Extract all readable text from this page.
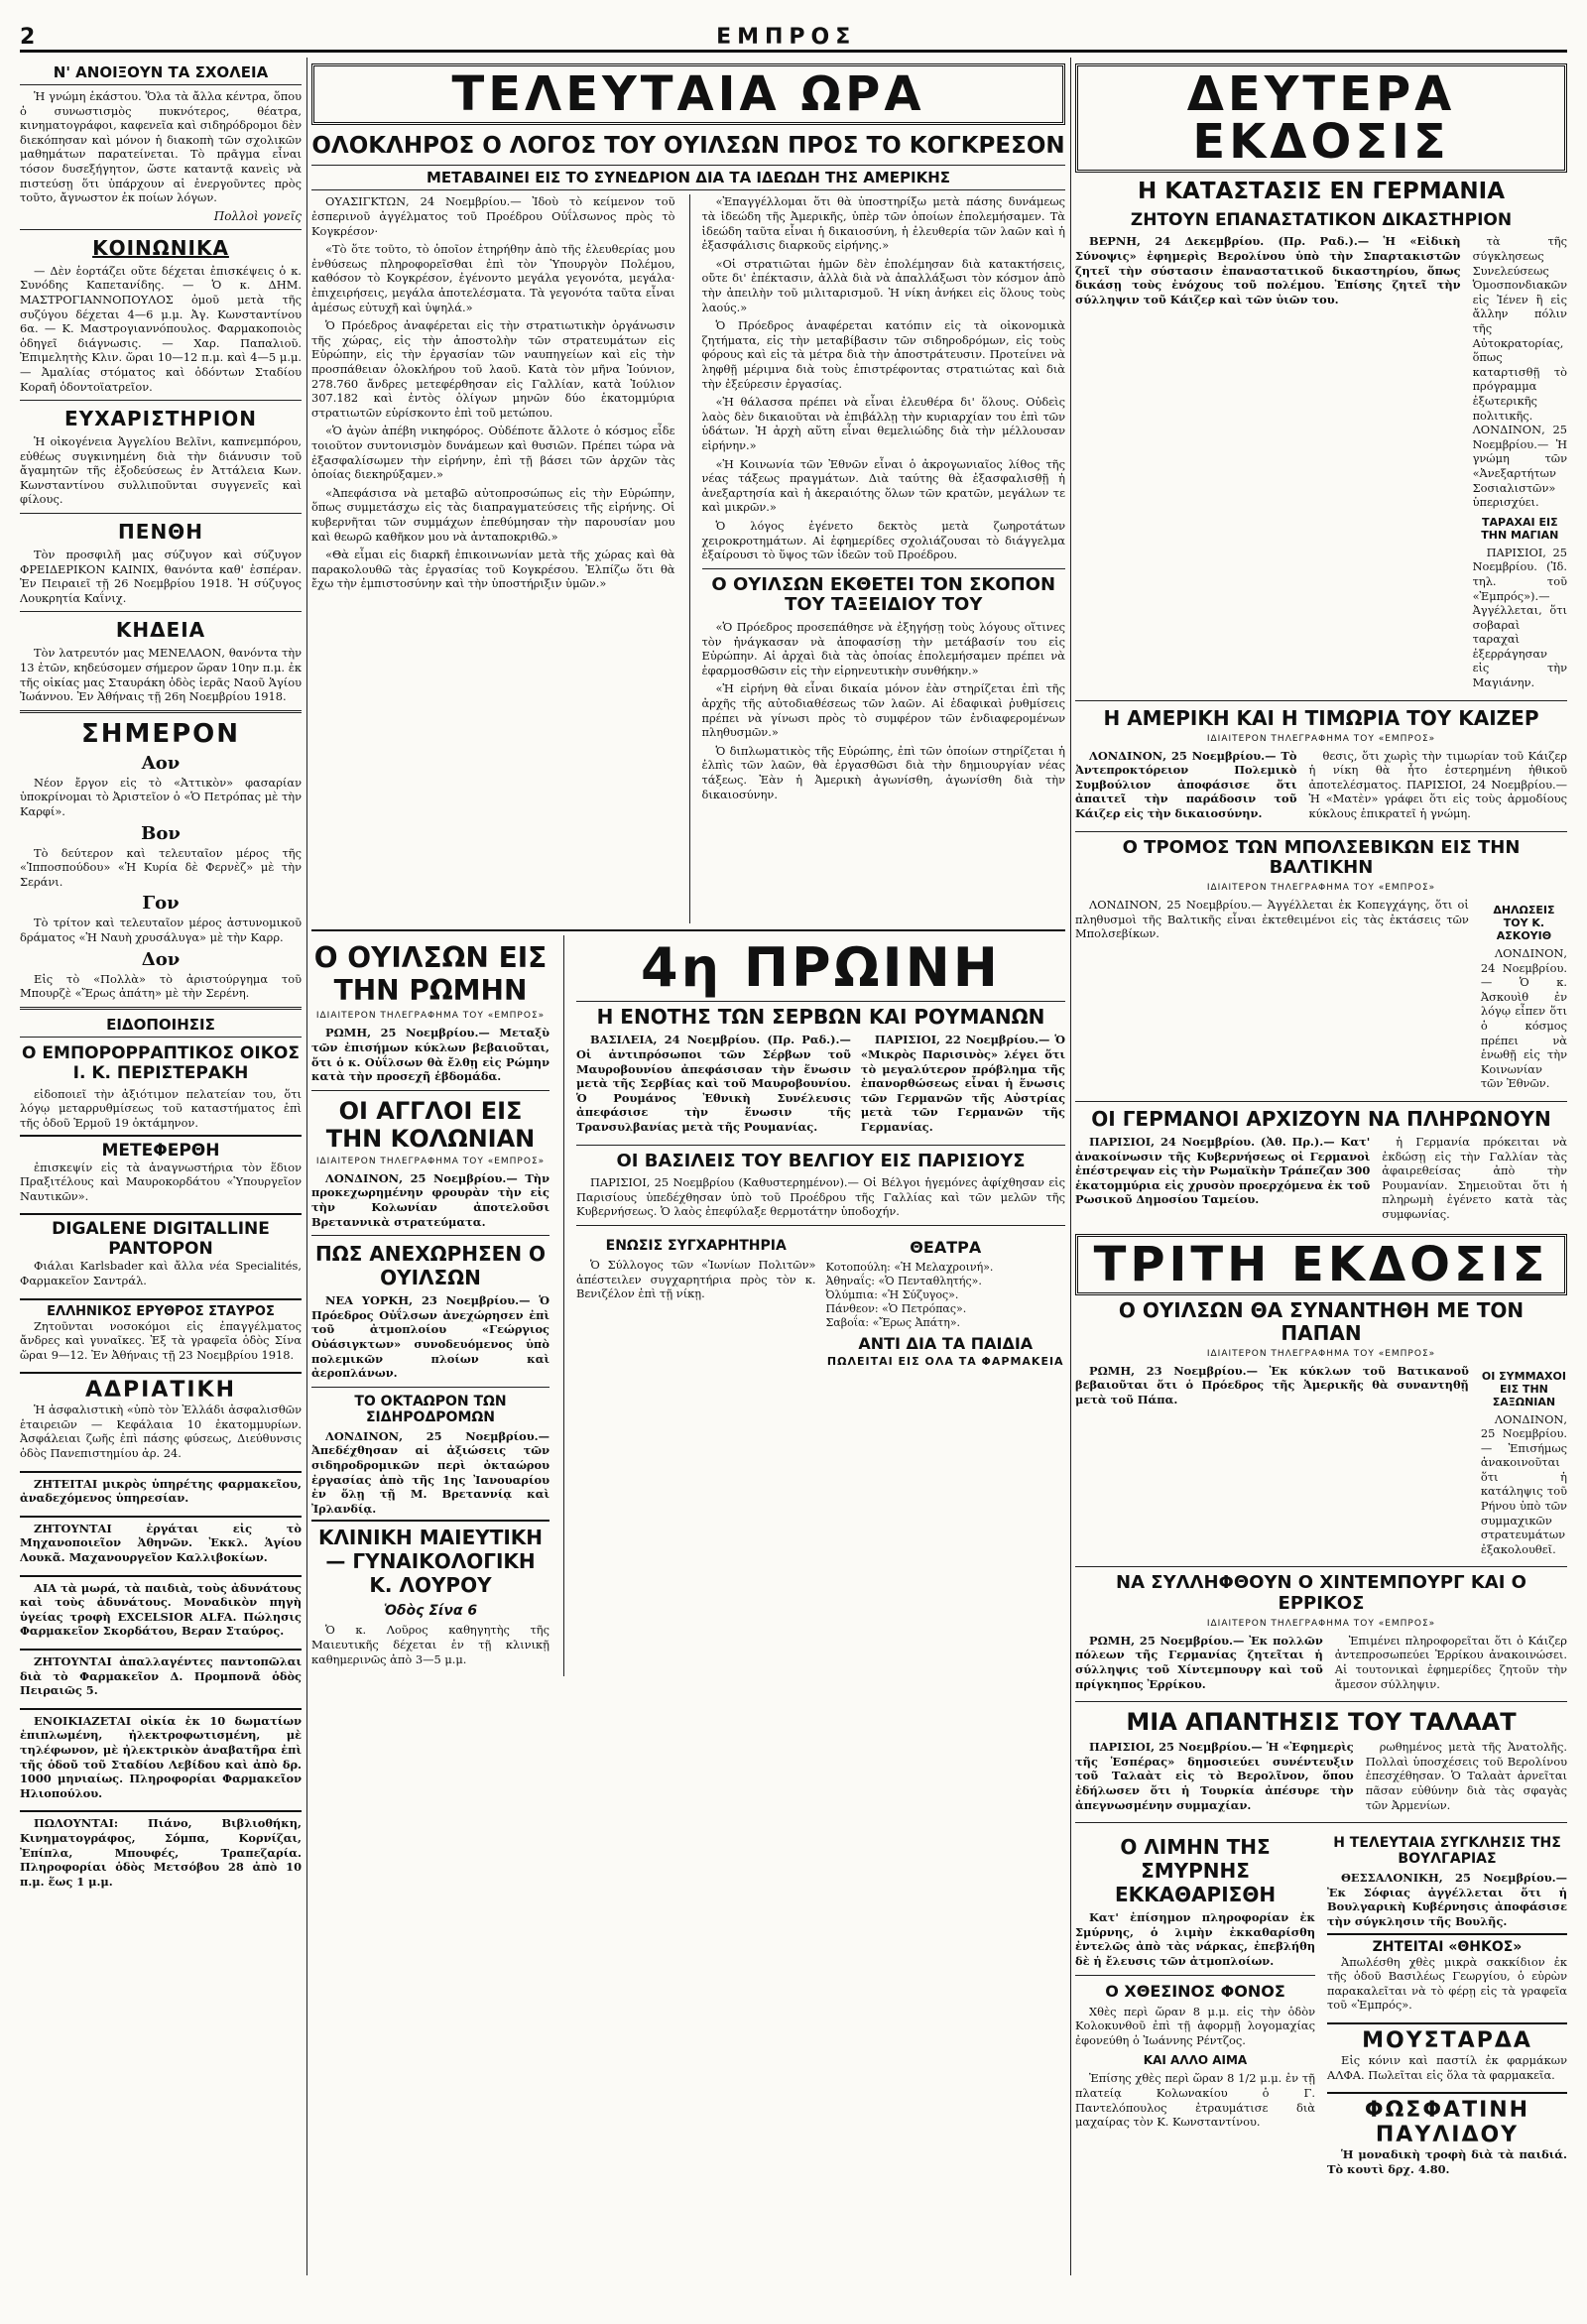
2	ΕΜΠΡΟΣ
Ν' ΑΝΟΙΞΟΥΝ ΤΑ ΣΧΟΛΕΙΑ

Ἡ γνώμη ἑκάστου. Ὅλα τὰ ἄλλα κέντρα, ὅπου ὁ συνωστισμὸς πυκνότερος, θέατρα, κινηματογράφοι, καφενεῖα καὶ σιδηρόδρομοι δὲν διεκόπησαν καὶ μόνον ἡ διακοπὴ τῶν σχολικῶν μαθημάτων παρατείνεται. Τὸ πρᾶγμα εἶναι τόσον δυσεξήγητον, ὥστε καταντᾷ κανεὶς νὰ πιστεύσῃ ὅτι ὑπάρχουν αἱ ἐνεργοῦντες πρὸς τοῦτο, ἄγνωστον ἐκ ποίων λόγων.

Πολλοὶ γονεῖς

ΚΟΙΝΩΝΙΚΑ

— Δὲν ἑορτάζει οὔτε δέχεται ἐπισκέψεις ὁ κ. Συνόδης Καπετανίδης. — Ὁ κ. ΔΗΜ. ΜΑΣΤΡΟΓΙΑΝΝΟΠΟΥΛΟΣ ὁμοῦ μετὰ τῆς συζύγου δέχεται 4—6 μ.μ. Ἀγ. Κωνσταντίνου 6α. — Κ. Μαστρογιαννόπουλος. Φαρμακοποιὸς ὁδηγεῖ διάγνωσις. — Χαρ. Παπαλιοῦ. Ἐπιμελητὴς Κλιν. ὥραι 10—12 π.μ. καὶ 4—5 μ.μ. — Ἀμαλίας στόματος καὶ ὀδόντων Σταδίου Κοραῆ ὁδοντοϊατρεῖον.

ΕΥΧΑΡΙΣΤΗΡΙΟΝ

Ἡ οἰκογένεια Ἀγγελίου Βελῖνι, καπνεμπόρου, εὐθέως συγκινημένη διὰ τὴν διάνυσιν τοῦ ἄγαμητῶν τῆς ἐξοδεύσεως ἐν Ἀττάλεια Κων. Κωνσταντίνου συλλιποῦνται συγγενεῖς καὶ φίλους.

ΠΕΝΘΗ

Τὸν προσφιλῆ μας σύζυγον καὶ σύζυγον ΦΡΕΙΔΕΡΙΚΟΝ ΚΑΙΝΙΧ, θανόντα καθ' ἐσπέραν. Ἐν Πειραιεῖ τῇ 26 Νοεμβρίου 1918. Ἡ σύζυγος Λουκρητία Καΐνιχ.

ΚΗΔΕΙΑ

Τὸν λατρευτόν μας ΜΕΝΕΛΑΟΝ, θανόντα τὴν 13 ἐτῶν, κηδεύσομεν σήμερον ὥραν 10ην π.μ. ἐκ τῆς οἰκίας μας Σταυράκη ὁδὸς ἱερᾶς Ναοῦ Ἁγίου Ἰωάννου. Ἐν Ἀθήναις τῇ 26η Νοεμβρίου 1918.

ΣΗΜΕΡΟΝ
Αον

Νέον ἔργον εἰς τὸ «Ἀττικὸν» φασαρίαν ὑποκρίνομαι τὸ Ἀριστεῖον ὁ «Ὁ Πετρόπας μὲ τὴν Καρφί».

Βον

Τὸ δεύτερον καὶ τελευταῖον μέρος τῆς «Ἱπποσπούδου» «Ἡ Κυρία δὲ Φερνὲζ» μὲ τὴν Σεράνι.

Γον

Τὸ τρίτον καὶ τελευταῖον μέρος ἀστυνομικοῦ δράματος «Ἡ Ναυὴ χρυσάλυγα» μὲ τὴν Καρρ.

Δον

Εἰς τὸ «Πολλὰ» τὸ ἀριστούργημα τοῦ Μπουρζὲ «Ἔρως ἀπάτη» μὲ τὴν Σερένη.

ΕΙΔΟΠΟΙΗΣΙΣ
Ο ΕΜΠΟΡΟΡΡΑΠΤΙΚΟΣ ΟΙΚΟΣ Ι. Κ. ΠΕΡΙΣΤΕΡΑΚΗ

εἰδοποιεῖ τὴν ἀξιότιμον πελατείαν του, ὅτι λόγῳ μεταρρυθμίσεως τοῦ καταστήματος ἐπὶ τῆς ὁδοῦ Ἑρμοῦ 19 ὀκτάμηνον.

ΜΕΤΕΦΕΡΘΗ

ἐπισκεψίν εἰς τὰ ἀναγνωστήρια τὸν ἕδιον Πραξιτέλους καὶ Μαυροκορδάτου «Ὑπουργεῖον Ναυτικῶν».

DIGALENE DIGITALLINE PANTOPON

Φιάλαι Karlsbader καὶ ἄλλα νέα Specialités, Φαρμακεῖον Σαντράλ.

ΕΛΛΗΝΙΚΟΣ ΕΡΥΘΡΟΣ ΣΤΑΥΡΟΣ

Ζητοῦνται νοσοκόμοι εἰς ἐπαγγέλματος ἄνδρες καὶ γυναῖκες. Ἐξ τὰ γραφεῖα ὁδὸς Σίνα ὥραι 9—12. Ἐν Ἀθήναις τῇ 23 Νοεμβρίου 1918.

ΑΔΡΙΑΤΙΚΗ

Ἡ ἀσφαλιστικὴ «ὑπὸ τὸν Ἐλλάδι ἀσφαλισθῶν ἑταιρειῶν — Κεφάλαια 10 ἑκατομμυρίων. Ἀσφάλειαι ζωῆς ἐπὶ πάσης φύσεως, Διεύθυνσις ὁδὸς Πανεπιστημίου ἀρ. 24.

ΖΗΤΕΙΤΑΙ μικρὸς ὑπηρέτης φαρμακεῖου, ἀναδεχόμενος ὑπηρεσίαν.

ΖΗΤΟΥΝΤΑΙ ἐργάται εἰς τὸ Μηχανοποιεῖον Ἀθηνῶν. Ἐκκλ. Ἁγίου Λουκᾶ. Μαχανουργεῖον Καλλιβοκίων.

ΑΙΑ τὰ μωρά, τὰ παιδιὰ, τοὺς ἀδυνάτους καὶ τοὺς ἀδυνάτους. Μοναδικὸν πηγὴ ὑγείας τροφὴ EXCELSIOR ALFA. Πώλησις Φαρμακεῖον Σκορδάτου, Βεραν Σταύρος.

ΖΗΤΟΥΝΤΑΙ ἀπαλλαγέντες παντοπῶλαι διὰ τὸ Φαρμακεῖον Δ. Προμπονᾶ ὁδὸς Πειραιῶς 5.

ΕΝΟΙΚΙΑΖΕΤΑΙ οἰκία ἐκ 10 δωματίων ἐπιπλωμένη, ἠλεκτροφωτισμένη, μὲ τηλέφωνον, μὲ ἠλεκτρικὸν ἀναβατῆρα ἐπὶ τῆς ὁδοῦ τοῦ Σταδίου Λεβίδου καὶ ἀπὸ δρ. 1000 μηνιαίως. Πληροφορίαι Φαρμακεῖον Ηλιοπούλου.

ΠΩΛΟΥΝΤΑΙ: Πιάνο, Βιβλιοθήκη, Κινηματογράφος, Σόμπα, Κορνίζαι, Ἐπίπλα, Μπουφές, Τραπεζαρία. Πληροφορίαι ὁδὸς Μετσόβου 28 ἀπὸ 10 π.μ. ἕως 1 μ.μ.

ΤΕΛΕΥΤΑΙΑ ΩΡΑ
ΟΛΟΚΛΗΡΟΣ Ο ΛΟΓΟΣ ΤΟΥ ΟΥΙΛΣΩΝ ΠΡΟΣ ΤΟ ΚΟΓΚΡΕΣΟΝ
ΜΕΤΑΒΑΙΝΕΙ ΕΙΣ ΤΟ ΣΥΝΕΔΡΙΟΝ ΔΙΑ ΤΑ ΙΔΕΩΔΗ ΤΗΣ ΑΜΕΡΙΚΗΣ

ΟΥΑΣΙΓΚΤΩΝ, 24 Νοεμβρίου.— Ἰδοὺ τὸ κείμενον τοῦ ἐσπερινοῦ ἀγγέλματος τοῦ Προέδρου Οὐΐλσωνος πρὸς τὸ Κογκρέσον·

«Τὸ ὅτε τοῦτο, τὸ ὁποῖον ἐτηρήθην ἀπὸ τῆς ἐλευθερίας μου ἐνθύσεως πληροφορεῖσθαι ἐπὶ τὸν Ὑπουργὸν Πολέμου, καθόσον τὸ Κογκρέσον, ἐγένοντο μεγάλα γεγονότα, μεγάλα· ἐπιχειρήσεις, μεγάλα ἀποτελέσματα. Τὰ γεγονότα ταῦτα εἶναι ἀμέσως εὐτυχῆ καὶ ὑψηλά.»

Ὁ Πρόεδρος ἀναφέρεται εἰς τὴν στρατιωτικὴν ὀργάνωσιν τῆς χώρας, εἰς τὴν ἀποστολὴν τῶν στρατευμάτων εἰς Εὐρώπην, εἰς τὴν ἐργασίαν τῶν ναυπηγείων καὶ εἰς τὴν προσπάθειαν ὁλοκλήρου τοῦ λαοῦ. Κατὰ τὸν μῆνα Ἰούνιον, 278.760 ἄνδρες μετεφέρθησαν εἰς Γαλλίαν, κατὰ Ἰούλιον 307.182 καὶ ἐντὸς ὀλίγων μηνῶν δύο ἑκατομμύρια στρατιωτῶν εὑρίσκοντο ἐπὶ τοῦ μετώπου.

«Ὁ ἀγὼν ἀπέβη νικηφόρος. Οὐδέποτε ἄλλοτε ὁ κόσμος εἶδε τοιοῦτον συντονισμὸν δυνάμεων καὶ θυσιῶν. Πρέπει τώρα νὰ ἐξασφαλίσωμεν τὴν εἰρήνην, ἐπὶ τῇ βάσει τῶν ἀρχῶν τὰς ὁποίας διεκηρύξαμεν.»

«Ἀπεφάσισα νὰ μεταβῶ αὐτοπροσώπως εἰς τὴν Εὐρώπην, ὅπως συμμετάσχω εἰς τὰς διαπραγματεύσεις τῆς εἰρήνης. Οἱ κυβερνῆται τῶν συμμάχων ἐπεθύμησαν τὴν παρουσίαν μου καὶ θεωρῶ καθῆκον μου νὰ ἀνταποκριθῶ.»

«Θὰ εἶμαι εἰς διαρκῆ ἐπικοινωνίαν μετὰ τῆς χώρας καὶ θὰ παρακολουθῶ τὰς ἐργασίας τοῦ Κογκρέσου. Ἐλπίζω ὅτι θὰ ἔχω τὴν ἐμπιστοσύνην καὶ τὴν ὑποστήριξιν ὑμῶν.»

«Ἐπαγγέλλομαι ὅτι θὰ ὑποστηρίξω μετὰ πάσης δυνάμεως τὰ ἰδεώδη τῆς Ἀμερικῆς, ὑπὲρ τῶν ὁποίων ἐπολεμήσαμεν. Τὰ ἰδεώδη ταῦτα εἶναι ἡ δικαιοσύνη, ἡ ἐλευθερία τῶν λαῶν καὶ ἡ ἐξασφάλισις διαρκοῦς εἰρήνης.»

«Οἱ στρατιῶται ἡμῶν δὲν ἐπολέμησαν διὰ κατακτήσεις, οὔτε δι' ἐπέκτασιν, ἀλλὰ διὰ νὰ ἀπαλλάξωσι τὸν κόσμον ἀπὸ τὴν ἀπειλὴν τοῦ μιλιταρισμοῦ. Ἡ νίκη ἀνήκει εἰς ὅλους τοὺς λαούς.»

Ὁ Πρόεδρος ἀναφέρεται κατόπιν εἰς τὰ οἰκονομικὰ ζητήματα, εἰς τὴν μεταβίβασιν τῶν σιδηροδρόμων, εἰς τοὺς φόρους καὶ εἰς τὰ μέτρα διὰ τὴν ἀποστράτευσιν. Προτείνει νὰ ληφθῇ μέριμνα διὰ τοὺς ἐπιστρέφοντας στρατιώτας καὶ διὰ τὴν ἐξεύρεσιν ἐργασίας.

«Ἡ θάλασσα πρέπει νὰ εἶναι ἐλευθέρα δι' ὅλους. Οὐδεὶς λαὸς δὲν δικαιοῦται νὰ ἐπιβάλλῃ τὴν κυριαρχίαν του ἐπὶ τῶν ὑδάτων. Ἡ ἀρχὴ αὕτη εἶναι θεμελιώδης διὰ τὴν μέλλουσαν εἰρήνην.»

«Ἡ Κοινωνία τῶν Ἐθνῶν εἶναι ὁ ἀκρογωνιαῖος λίθος τῆς νέας τάξεως πραγμάτων. Διὰ ταύτης θὰ ἐξασφαλισθῇ ἡ ἀνεξαρτησία καὶ ἡ ἀκεραιότης ὅλων τῶν κρατῶν, μεγάλων τε καὶ μικρῶν.»

Ὁ λόγος ἐγένετο δεκτὸς μετὰ ζωηροτάτων χειροκροτημάτων. Αἱ ἐφημερίδες σχολιάζουσαι τὸ διάγγελμα ἐξαίρουσι τὸ ὕψος τῶν ἰδεῶν τοῦ Προέδρου.

Ο ΟΥΙΛΣΩΝ ΕΚΘΕΤΕΙ ΤΟΝ ΣΚΟΠΟΝ ΤΟΥ ΤΑΞΕΙΔΙΟΥ ΤΟΥ

«Ὁ Πρόεδρος προσεπάθησε νὰ ἐξηγήσῃ τοὺς λόγους οἵτινες τὸν ἠνάγκασαν νὰ ἀποφασίσῃ τὴν μετάβασίν του εἰς Εὐρώπην. Αἱ ἀρχαὶ διὰ τὰς ὁποίας ἐπολεμήσαμεν πρέπει νὰ ἐφαρμοσθῶσιν εἰς τὴν εἰρηνευτικὴν συνθήκην.»

«Ἡ εἰρήνη θὰ εἶναι δικαία μόνον ἐὰν στηρίζεται ἐπὶ τῆς ἀρχῆς τῆς αὐτοδιαθέσεως τῶν λαῶν. Αἱ ἐδαφικαὶ ῥυθμίσεις πρέπει νὰ γίνωσι πρὸς τὸ συμφέρον τῶν ἐνδιαφερομένων πληθυσμῶν.»

Ὁ διπλωματικὸς τῆς Εὐρώπης, ἐπὶ τῶν ὁποίων στηρίζεται ἡ ἐλπὶς τῶν λαῶν, θὰ ἐργασθῶσι διὰ τὴν δημιουργίαν νέας τάξεως. Ἐὰν ἡ Ἀμερικὴ ἀγωνίσθη, ἀγωνίσθη διὰ τὴν δικαιοσύνην.

Ο ΟΥΙΛΣΩΝ ΕΙΣ ΤΗΝ ΡΩΜΗΝ
ΙΔΙΑΙΤΕΡΟΝ ΤΗΛΕΓΡΑΦΗΜΑ ΤΟΥ «ΕΜΠΡΟΣ»

ΡΩΜΗ, 25 Νοεμβρίου.— Μεταξὺ τῶν ἐπισήμων κύκλων βεβαιοῦται, ὅτι ὁ κ. Οὐΐλσων θὰ ἔλθῃ εἰς Ρώμην κατὰ τὴν προσεχῆ ἑβδομάδα.

ΟΙ ΑΓΓΛΟΙ ΕΙΣ ΤΗΝ ΚΟΛΩΝΙΑΝ
ΙΔΙΑΙΤΕΡΟΝ ΤΗΛΕΓΡΑΦΗΜΑ ΤΟΥ «ΕΜΠΡΟΣ»

ΛΟΝΔΙΝΟΝ, 25 Νοεμβρίου.— Τὴν προκεχωρημένην φρουρὰν τὴν εἰς τὴν Κολωνίαν ἀποτελοῦσι Βρεταννικὰ στρατεύματα.

ΠΩΣ ΑΝΕΧΩΡΗΣΕΝ Ο ΟΥΙΛΣΩΝ

ΝΕΑ ΥΟΡΚΗ, 23 Νοεμβρίου.— Ὁ Πρόεδρος Οὐΐλσων ἀνεχώρησεν ἐπὶ τοῦ ἀτμοπλοίου «Γεώργιος Οὐάσιγκτων» συνοδευόμενος ὑπὸ πολεμικῶν πλοίων καὶ ἀεροπλάνων.

ΤΟ ΟΚΤΑΩΡΟΝ ΤΩΝ ΣΙΔΗΡΟΔΡΟΜΩΝ

ΛΟΝΔΙΝΟΝ, 25 Νοεμβρίου.— Ἀπεδέχθησαν αἱ ἀξιώσεις τῶν σιδηροδρομικῶν περὶ ὀκταώρου ἐργασίας ἀπὸ τῆς 1ης Ἰανουαρίου ἐν ὅλῃ τῇ Μ. Βρεταννίᾳ καὶ Ἰρλανδίᾳ.

ΚΛΙΝΙΚΗ ΜΑΙΕΥΤΙΚΗ — ΓΥΝΑΙΚΟΛΟΓΙΚΗ Κ. ΛΟΥΡΟΥ
Ὁδὸς Σίνα 6

Ὁ κ. Λοῦρος καθηγητὴς τῆς Μαιευτικῆς δέχεται ἐν τῇ κλινικῇ καθημερινῶς ἀπὸ 3—5 μ.μ.

4η ΠΡΩΙΝΗ
Η ΕΝΟΤΗΣ ΤΩΝ ΣΕΡΒΩΝ ΚΑΙ ΡΟΥΜΑΝΩΝ

ΒΑΣΙΛΕΙΑ, 24 Νοεμβρίου. (Πρ. Ραδ.).— Οἱ ἀντιπρόσωποι τῶν Σέρβων τοῦ Μαυροβουνίου ἀπεφάσισαν τὴν ἕνωσιν μετὰ τῆς Σερβίας καὶ τοῦ Μαυροβουνίου. Ὁ Ρουμάνος Ἐθνικὴ Συνέλευσις ἀπεφάσισε τὴν ἕνωσιν τῆς Τρανσυλβανίας μετὰ τῆς Ρουμανίας.

ΠΑΡΙΣΙΟΙ, 22 Νοεμβρίου.— Ὁ «Μικρὸς Παρισινὸς» λέγει ὅτι τὸ μεγαλύτερον πρόβλημα τῆς ἐπανορθώσεως εἶναι ἡ ἕνωσις τῶν Γερμανῶν τῆς Αὐστρίας μετὰ τῶν Γερμανῶν τῆς Γερμανίας.

ΟΙ ΒΑΣΙΛΕΙΣ ΤΟΥ ΒΕΛΓΙΟΥ ΕΙΣ ΠΑΡΙΣΙΟΥΣ

ΠΑΡΙΣΙΟΙ, 25 Νοεμβρίου (Καθυστερημένον).— Οἱ Βέλγοι ἡγεμόνες ἀφίχθησαν εἰς Παρισίους ὑπεδέχθησαν ὑπὸ τοῦ Προέδρου τῆς Γαλλίας καὶ τῶν μελῶν τῆς Κυβερνήσεως. Ὁ λαὸς ἐπεφύλαξε θερμοτάτην ὑποδοχήν.

ΕΝΩΣΙΣ ΣΥΓΧΑΡΗΤΗΡΙΑ

Ὁ Σύλλογος τῶν «Ἰωνίων Πολιτῶν» ἀπέστειλεν συγχαρητήρια πρὸς τὸν κ. Βενιζέλον ἐπὶ τῇ νίκῃ.

ΘΕΑΤΡΑ
Κοτοπούλη: «Ἡ Μελαχροινή».
Ἀθηναΐς: «Ὁ Πενταθλητής».
Ὀλύμπια: «Ἡ Σύζυγος».
Πάνθεον: «Ὁ Πετρόπας».
Σαβοΐα: «Ἔρως Ἀπάτη».
ΑΝΤΙ ΔΙΑ ΤΑ ΠΑΙΔΙΑ
ΠΩΛΕΙΤΑΙ ΕΙΣ ΟΛΑ ΤΑ ΦΑΡΜΑΚΕΙΑ
ΔΕΥΤΕΡΑ ΕΚΔΟΣΙΣ
Η ΚΑΤΑΣΤΑΣΙΣ ΕΝ ΓΕΡΜΑΝΙΑ
ΖΗΤΟΥΝ ΕΠΑΝΑΣΤΑΤΙΚΟΝ ΔΙΚΑΣΤΗΡΙΟΝ

ΒΕΡΝΗ, 24 Δεκεμβρίου. (Πρ. Ραδ.).— Ἡ «Εἰδικὴ Σύνοψις» ἐφημερὶς Βερολίνου ὑπὸ τὴν Σπαρτακιστῶν ζητεῖ τὴν σύστασιν ἐπαναστατικοῦ δικαστηρίου, ὅπως δικάσῃ τοὺς ἐνόχους τοῦ πολέμου. Ἐπίσης ζητεῖ τὴν σύλληψιν τοῦ Κάιζερ καὶ τῶν ὑιῶν του.

τὰ τῆς σύγκλησεως Συνελεύσεως Ὁμοσπονδιακῶν εἰς Ἰένεν ἢ εἰς ἄλλην πόλιν τῆς Αὐτοκρατορίας, ὅπως καταρτισθῇ τὸ πρόγραμμα ἐξωτερικῆς πολιτικῆς. ΛΟΝΔΙΝΟΝ, 25 Νοεμβρίου.— Ἡ γνώμη τῶν «Ἀνεξαρτήτων Σοσιαλιστῶν» ὑπερισχύει.

ΤΑΡΑΧΑΙ ΕΙΣ ΤΗΝ ΜΑΓΙΑΝ

ΠΑΡΙΣΙΟΙ, 25 Νοεμβρίου. (Ἰδ. τηλ. τοῦ «Ἐμπρός»).— Ἀγγέλλεται, ὅτι σοβαραὶ ταραχαὶ ἐξερράγησαν εἰς τὴν Μαγιάνην.

Η ΑΜΕΡΙΚΗ ΚΑΙ Η ΤΙΜΩΡΙΑ ΤΟΥ ΚΑΙΖΕΡ
ΙΔΙΑΙΤΕΡΟΝ ΤΗΛΕΓΡΑΦΗΜΑ ΤΟΥ «ΕΜΠΡΟΣ»

ΛΟΝΔΙΝΟΝ, 25 Νοεμβρίου.— Τὸ Ἀντεπροκτόρειον Πολεμικὸ Συμβούλιον ἀποφάσισε ὅτι ἀπαιτεῖ τὴν παράδοσιν τοῦ Κάιζερ εἰς τὴν δικαιοσύνην.

θεσις, ὅτι χωρὶς τὴν τιμωρίαν τοῦ Κάιζερ ἡ νίκη θὰ ἦτο ἐστερημένη ἠθικοῦ ἀποτελέσματος. ΠΑΡΙΣΙΟΙ, 24 Νοεμβρίου.— Ἡ «Ματὲν» γράφει ὅτι εἰς τοὺς ἀρμοδίους κύκλους ἐπικρατεῖ ἡ γνώμη.

Ο ΤΡΟΜΟΣ ΤΩΝ ΜΠΟΛΣΕΒΙΚΩΝ ΕΙΣ ΤΗΝ ΒΑΛΤΙΚΗΝ
ΙΔΙΑΙΤΕΡΟΝ ΤΗΛΕΓΡΑΦΗΜΑ ΤΟΥ «ΕΜΠΡΟΣ»

ΛΟΝΔΙΝΟΝ, 25 Νοεμβρίου.— Ἀγγέλλεται ἐκ Κοπεγχάγης, ὅτι οἱ πληθυσμοὶ τῆς Βαλτικῆς εἶναι ἐκτεθειμένοι εἰς τὰς ἐκτάσεις τῶν Μπολσεβίκων.

ΔΗΛΩΣΕΙΣ ΤΟΥ Κ. ΑΣΚΟΥΙΘ

ΛΟΝΔΙΝΟΝ, 24 Νοεμβρίου.— Ὁ κ. Ἀσκουὶθ ἐν λόγῳ εἶπεν ὅτι ὁ κόσμος πρέπει νὰ ἑνωθῇ εἰς τὴν Κοινωνίαν τῶν Ἐθνῶν.

ΟΙ ΓΕΡΜΑΝΟΙ ΑΡΧΙΖΟΥΝ ΝΑ ΠΛΗΡΩΝΟΥΝ

ΠΑΡΙΣΙΟΙ, 24 Νοεμβρίου. (Ἀθ. Πρ.).— Κατ' ἀνακοίνωσιν τῆς Κυβερνήσεως οἱ Γερμανοὶ ἐπέστρεψαν εἰς τὴν Ρωμαϊκὴν Τράπεζαν 300 ἑκατομμύρια εἰς χρυσὸν προερχόμενα ἐκ τοῦ Ρωσικοῦ Δημοσίου Ταμείου.

ἡ Γερμανία πρόκειται νὰ ἐκδώσῃ εἰς τὴν Γαλλίαν τὰς ἀφαιρεθείσας ἀπὸ τὴν Ρουμανίαν. Σημειοῦται ὅτι ἡ πληρωμὴ ἐγένετο κατὰ τὰς συμφωνίας.

ΤΡΙΤΗ ΕΚΔΟΣΙΣ
Ο ΟΥΙΛΣΩΝ ΘΑ ΣΥΝΑΝΤΗΘΗ ΜΕ ΤΟΝ ΠΑΠΑΝ
ΙΔΙΑΙΤΕΡΟΝ ΤΗΛΕΓΡΑΦΗΜΑ ΤΟΥ «ΕΜΠΡΟΣ»

ΡΩΜΗ, 23 Νοεμβρίου.— Ἐκ κύκλων τοῦ Βατικανοῦ βεβαιοῦται ὅτι ὁ Πρόεδρος τῆς Ἀμερικῆς θὰ συναντηθῇ μετὰ τοῦ Πάπα.

ΟΙ ΣΥΜΜΑΧΟΙ ΕΙΣ ΤΗΝ ΣΑΞΩΝΙΑΝ

ΛΟΝΔΙΝΟΝ, 25 Νοεμβρίου.— Ἐπισήμως ἀνακοινοῦται ὅτι ἡ κατάληψις τοῦ Ρήνου ὑπὸ τῶν συμμαχικῶν στρατευμάτων ἐξακολουθεῖ.

ΝΑ ΣΥΛΛΗΦΘΟΥΝ Ο ΧΙΝΤΕΜΠΟΥΡΓ ΚΑΙ Ο ΕΡΡΙΚΟΣ
ΙΔΙΑΙΤΕΡΟΝ ΤΗΛΕΓΡΑΦΗΜΑ ΤΟΥ «ΕΜΠΡΟΣ»

ΡΩΜΗ, 25 Νοεμβρίου.— Ἐκ πολλῶν πόλεων τῆς Γερμανίας ζητεῖται ἡ σύλληψις τοῦ Χίντεμπουργ καὶ τοῦ πρίγκηπος Ἐρρίκου.

Ἐπιμένει πληροφορεῖται ὅτι ὁ Κάιζερ ἀντεπροσωπεύει Ἐρρίκου ἀνακοινώσει. Αἱ τουτονικαὶ ἐφημερίδες ζητοῦν τὴν ἄμεσον σύλληψιν.

ΜΙΑ ΑΠΑΝΤΗΣΙΣ ΤΟΥ ΤΑΛΑΑΤ

ΠΑΡΙΣΙΟΙ, 25 Νοεμβρίου.— Ἡ «Ἐφημερὶς τῆς Ἑσπέρας» δημοσιεύει συνέντευξιν τοῦ Ταλαὰτ εἰς τὸ Βερολῖνον, ὅπου ἐδήλωσεν ὅτι ἡ Τουρκία ἀπέσυρε τὴν ἀπεγνωσμένην συμμαχίαν.

ρωθημένος μετὰ τῆς Ἀνατολῆς. Πολλαὶ ὑποσχέσεις τοῦ Βερολίνου ἐπεσχέθησαν. Ὁ Ταλαὰτ ἀρνεῖται πᾶσαν εὐθύνην διὰ τὰς σφαγὰς τῶν Ἀρμενίων.

Ο ΛΙΜΗΝ ΤΗΣ ΣΜΥΡΝΗΣ ΕΚΚΑΘΑΡΙΣΘΗ

Κατ' ἐπίσημον πληροφορίαν ἐκ Σμύρνης, ὁ λιμὴν ἐκκαθαρίσθη ἐντελῶς ἀπὸ τὰς νάρκας, ἐπεβλήθη δὲ ἡ ἔλευσις τῶν ἀτμοπλοίων.

Ο ΧΘΕΣΙΝΟΣ ΦΟΝΟΣ

Χθὲς περὶ ὥραν 8 μ.μ. εἰς τὴν ὁδὸν Κολοκυνθοῦ ἐπὶ τῇ ἀφορμῇ λογομαχίας ἐφονεύθη ὁ Ἰωάννης Ρέντζος.

ΚΑΙ ΑΛΛΟ ΑΙΜΑ

Ἐπίσης χθὲς περὶ ὥραν 8 1/2 μ.μ. ἐν τῇ πλατείᾳ Κολωνακίου ὁ Γ. Παντελόπουλος ἐτραυμάτισε διὰ μαχαίρας τὸν Κ. Κωνσταντίνου.

Η ΤΕΛΕΥΤΑΙΑ ΣΥΓΚΛΗΣΙΣ ΤΗΣ ΒΟΥΛΓΑΡΙΑΣ

ΘΕΣΣΑΛΟΝΙΚΗ, 25 Νοεμβρίου.— Ἐκ Σόφιας ἀγγέλλεται ὅτι ἡ Βουλγαρικὴ Κυβέρνησις ἀποφάσισε τὴν σύγκλησιν τῆς Βουλῆς.

ΖΗΤΕΙΤΑΙ «ΘΗΚΟΣ»

Ἀπωλέσθη χθὲς μικρὰ σακκίδιον ἐκ τῆς ὁδοῦ Βασιλέως Γεωργίου, ὁ εὑρὼν παρακαλεῖται νὰ τὸ φέρῃ εἰς τὰ γραφεῖα τοῦ «Ἐμπρός».

ΜΟΥΣΤΑΡΔΑ

Εἰς κόνιν καὶ παστίλ ἐκ φαρμάκων ΑΛΦΑ. Πωλεῖται εἰς ὅλα τὰ φαρμακεῖα.

ΦΩΣΦΑΤΙΝΗ ΠΑΥΛΙΔΟΥ

Ἡ μοναδικὴ τροφὴ διὰ τὰ παιδιά. Τὸ κουτὶ δρχ. 4.80.
